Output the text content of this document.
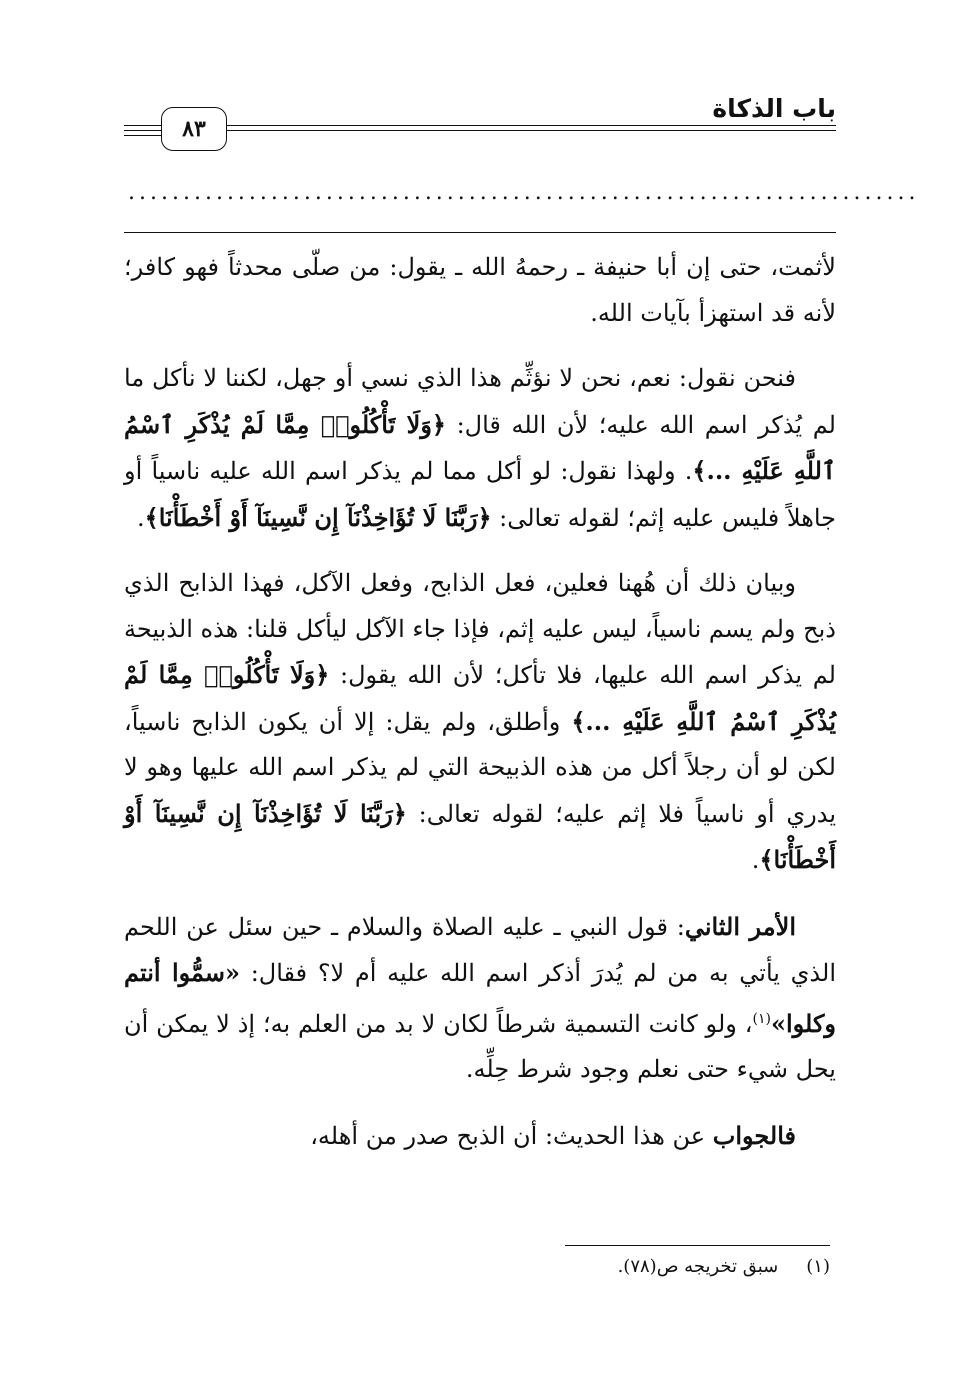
باب الذكاة
٨٣
........................................................................

لأثمت، حتى إن أبا حنيفة ـ رحمهُ الله ـ يقول: من صلّى محدثاً فهو كافر؛ لأنه قد استهزأ بآيات الله.

فنحن نقول: نعم، نحن لا نؤثِّم هذا الذي نسي أو جهل، لكننا لا نأكل ما لم يُذكر اسم الله عليه؛ لأن الله قال: ﴿وَلَا تَأْكُلُوا۟ مِمَّا لَمْ يُذْكَرِ ٱسْمُ ٱللَّهِ عَلَيْهِ ...﴾. ولهذا نقول: لو أكل مما لم يذكر اسم الله عليه ناسياً أو جاهلاً فليس عليه إثم؛ لقوله تعالى: ﴿رَبَّنَا لَا تُؤَاخِذْنَآ إِن نَّسِينَآ أَوْ أَخْطَأْنَا﴾.

وبيان ذلك أن هُهنا فعلين، فعل الذابح، وفعل الآكل، فهذا الذابح الذي ذبح ولم يسم ناسياً، ليس عليه إثم، فإذا جاء الآكل ليأكل قلنا: هذه الذبيحة لم يذكر اسم الله عليها، فلا تأكل؛ لأن الله يقول: ﴿وَلَا تَأْكُلُوا۟ مِمَّا لَمْ يُذْكَرِ ٱسْمُ ٱللَّهِ عَلَيْهِ ...﴾ وأطلق، ولم يقل: إلا أن يكون الذابح ناسياً، لكن لو أن رجلاً أكل من هذه الذبيحة التي لم يذكر اسم الله عليها وهو لا يدري أو ناسياً فلا إثم عليه؛ لقوله تعالى: ﴿رَبَّنَا لَا تُؤَاخِذْنَآ إِن نَّسِينَآ أَوْ أَخْطَأْنَا﴾.

الأمر الثاني: قول النبي ـ عليه الصلاة والسلام ـ حين سئل عن اللحم الذي يأتي به من لم يُدرَ أذكر اسم الله عليه أم لا؟ فقال: «سمُّوا أنتم وكلوا»$^{(١)}$، ولو كانت التسمية شرطاً لكان لا بد من العلم به؛ إذ لا يمكن أن يحل شيء حتى نعلم وجود شرط حِلِّه.

فالجواب عن هذا الحديث: أن الذبح صدر من أهله،

(١)سبق تخريجه ص(٧٨).
